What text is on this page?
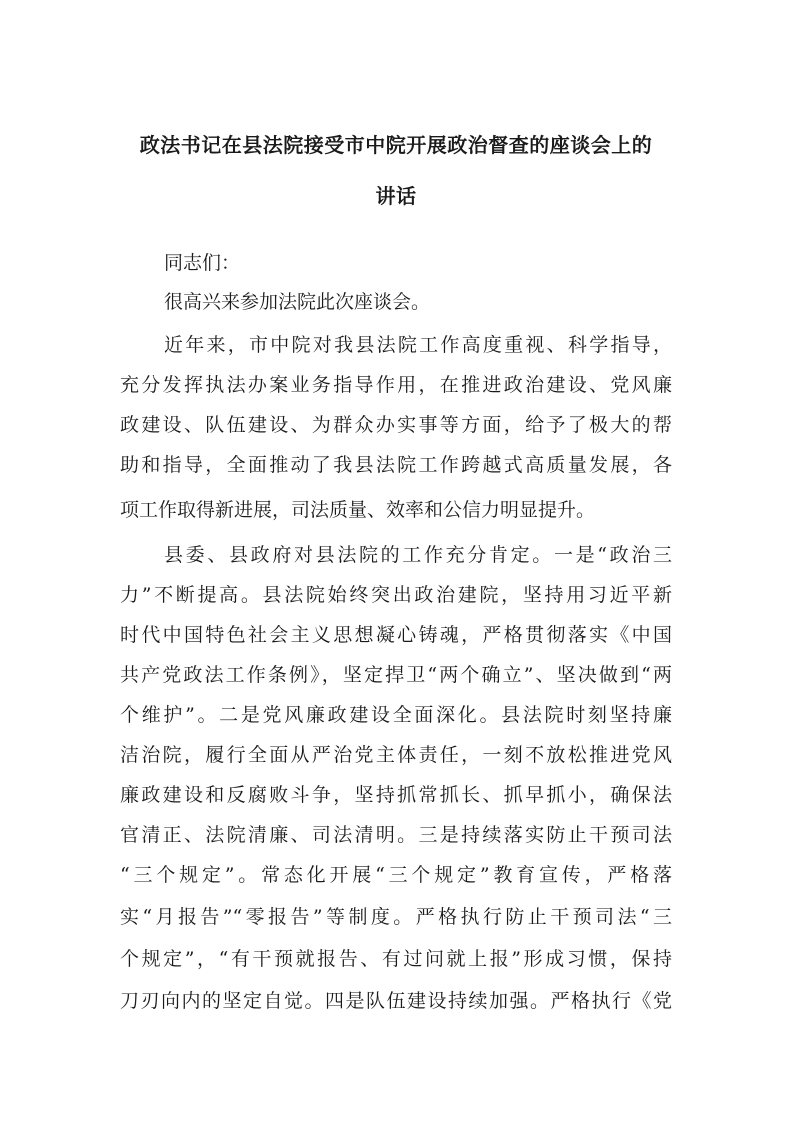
政法书记在县法院接受市中院开展政治督查的座谈会上的
讲话

同志们：

很高兴来参加法院此次座谈会。

近年来，市中院对我县法院工作高度重视、科学指导，

充分发挥执法办案业务指导作用，在推进政治建设、党风廉

政建设、队伍建设、为群众办实事等方面，给予了极大的帮

助和指导，全面推动了我县法院工作跨越式高质量发展，各

项工作取得新进展，司法质量、效率和公信力明显提升。

县委、县政府对县法院的工作充分肯定。一是“政治三

力”不断提高。县法院始终突出政治建院，坚持用习近平新

时代中国特色社会主义思想凝心铸魂，严格贯彻落实《中国

共产党政法工作条例》，坚定捍卫“两个确立”、坚决做到“两

个维护”。二是党风廉政建设全面深化。县法院时刻坚持廉

洁治院，履行全面从严治党主体责任，一刻不放松推进党风

廉政建设和反腐败斗争，坚持抓常抓长、抓早抓小，确保法

官清正、法院清廉、司法清明。三是持续落实防止干预司法

“三个规定”。常态化开展“三个规定”教育宣传，严格落

实“月报告”“零报告”等制度。严格执行防止干预司法“三

个规定”，“有干预就报告、有过问就上报”形成习惯，保持

刀刃向内的坚定自觉。四是队伍建设持续加强。严格执行《党
